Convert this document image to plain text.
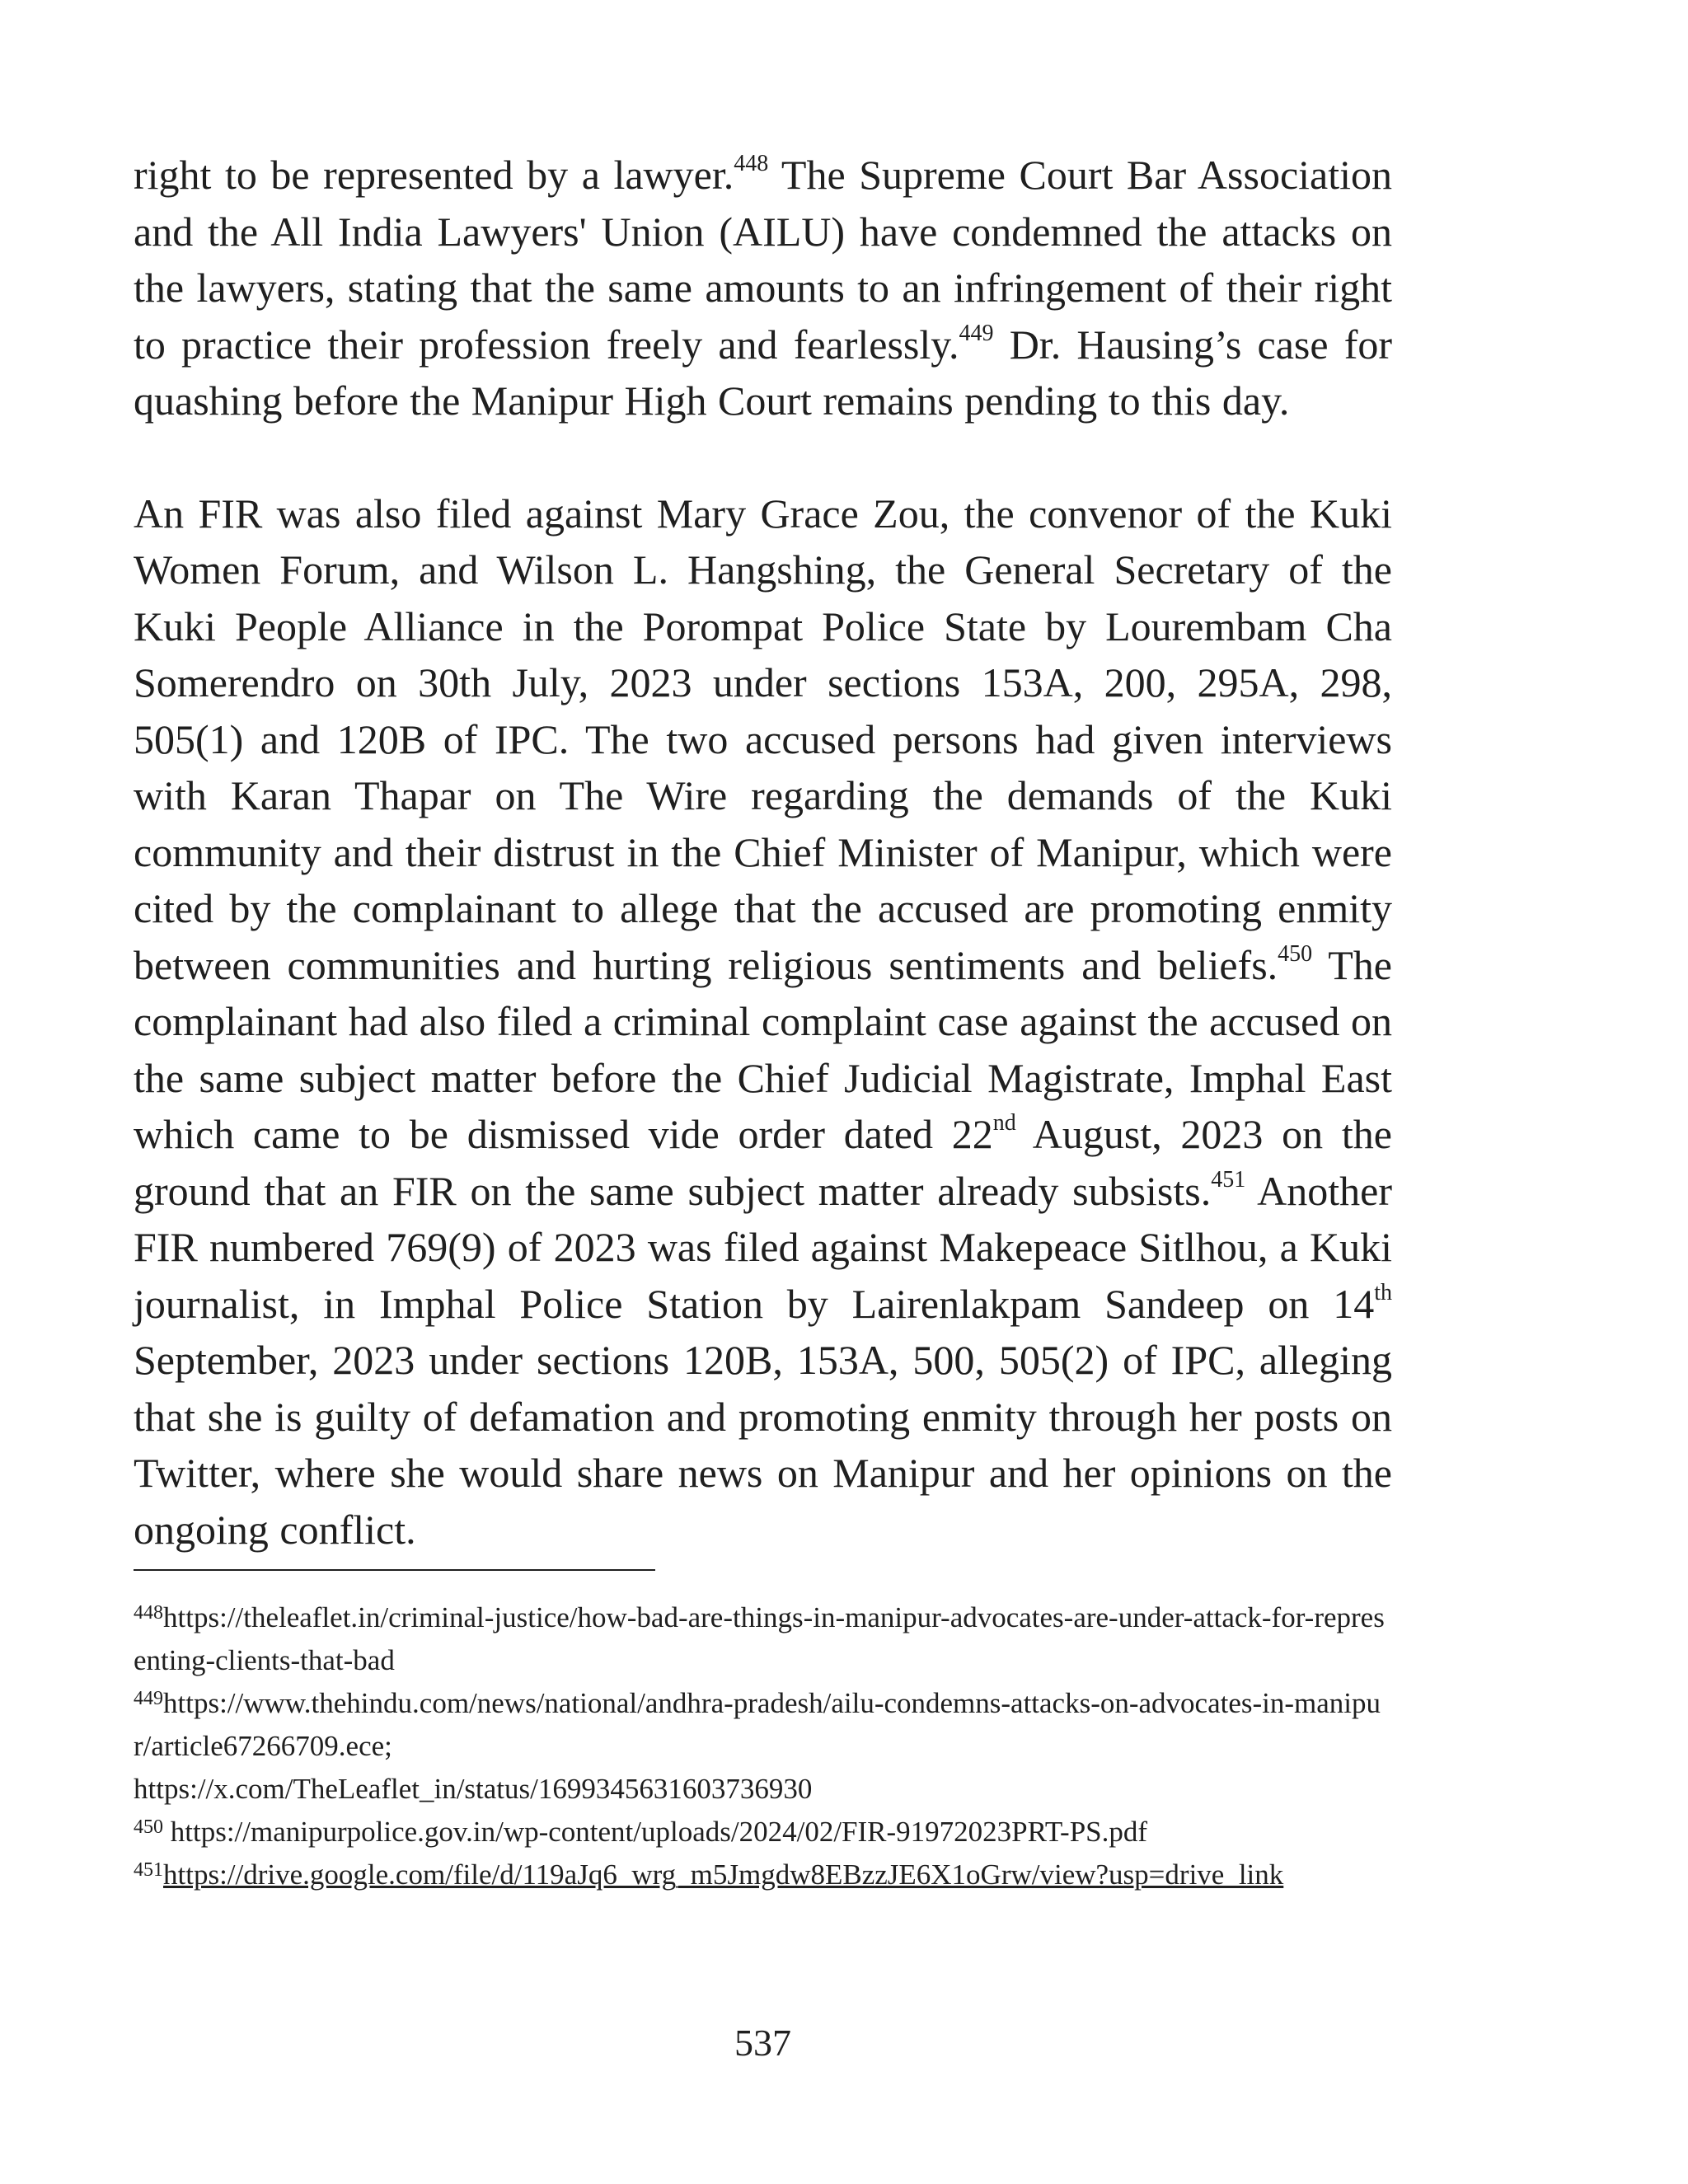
right to be represented by a lawyer.$^{448}$ The Supreme Court Bar Association and the All India Lawyers' Union (AILU) have condemned the attacks on the lawyers, stating that the same amounts to an infringement of their right to practice their profession freely and fearlessly.$^{449}$ Dr. Hausing’s case for quashing before the Manipur High Court remains pending to this day.

An FIR was also filed against Mary Grace Zou, the convenor of the Kuki Women Forum, and Wilson L. Hangshing, the General Secretary of the Kuki People Alliance in the Porompat Police State by Lourembam Cha Somerendro on 30th July, 2023 under sections 153A, 200, 295A, 298, 505(1) and 120B of IPC. The two accused persons had given interviews with Karan Thapar on The Wire regarding the demands of the Kuki community and their distrust in the Chief Minister of Manipur, which were cited by the complainant to allege that the accused are promoting enmity between communities and hurting religious sentiments and beliefs.$^{450}$ The complainant had also filed a criminal complaint case against the accused on the same subject matter before the Chief Judicial Magistrate, Imphal East which came to be dismissed vide order dated 22nd August, 2023 on the ground that an FIR on the same subject matter already subsists.$^{451}$ Another FIR numbered 769(9) of 2023 was filed against Makepeace Sitlhou, a Kuki journalist, in Imphal Police Station by Lairenlakpam Sandeep on 14th September, 2023 under sections 120B, 153A, 500, 505(2) of IPC, alleging that she is guilty of defamation and promoting enmity through her posts on Twitter, where she would share news on Manipur and her opinions on the ongoing conflict.

$^{448}$https://theleaflet.in/criminal-justice/how-bad-are-things-in-manipur-advocates-are-under-attack-for-representing-clients-that-bad

$^{449}$https://www.thehindu.com/news/national/andhra-pradesh/ailu-condemns-attacks-on-advocates-in-manipur/article67266709.ece;

https://x.com/TheLeaflet_in/status/1699345631603736930

$^{450}$ https://manipurpolice.gov.in/wp-content/uploads/2024/02/FIR-91972023PRT-PS.pdf

$^{451}$https://drive.google.com/file/d/119aJq6_wrg_m5Jmgdw8EBzzJE6X1oGrw/view?usp=drive_link

537
